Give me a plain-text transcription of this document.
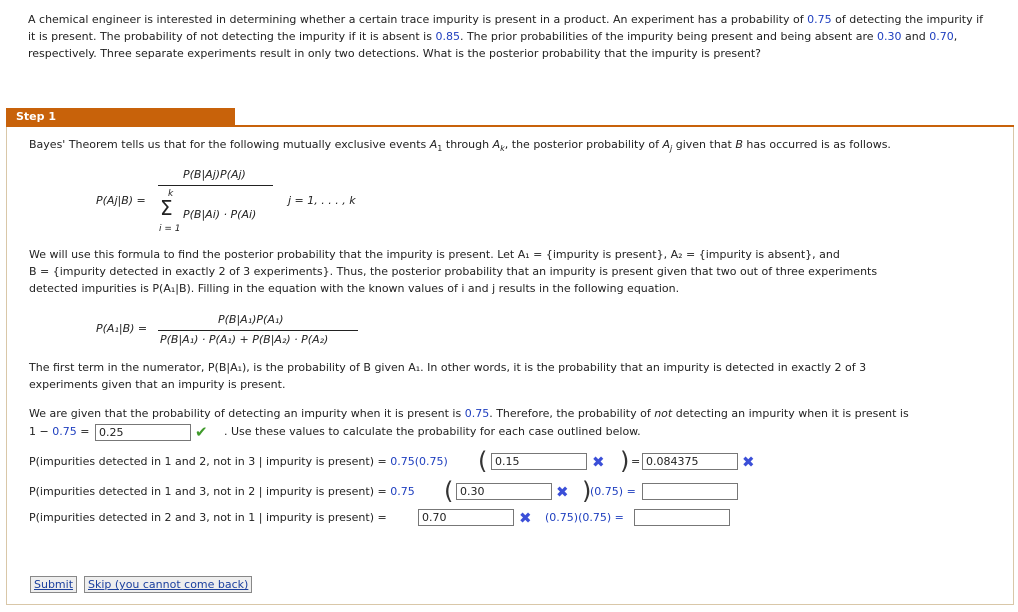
A chemical engineer is interested in determining whether a certain trace impurity is present in a product. An experiment has a probability of 0.75 of detecting the impurity if it is present. The probability of not detecting the impurity if it is absent is 0.85. The prior probabilities of the impurity being present and being absent are 0.30 and 0.70, respectively. Three separate experiments result in only two detections. What is the posterior probability that the impurity is present?
Step 1
Bayes' Theorem tells us that for the following mutually exclusive events $A_1$ through $A_k$, the posterior probability of $A_j$ given that B has occurred is as follows.
P(B|Aj)P(Aj)
P(Aj|B) = k
Σ P(B|Ai) · P(Ai)
i = 1
j = 1, . . . , k
We will use this formula to find the posterior probability that the impurity is present. Let A₁ = {impurity is present}, A₂ = {impurity is absent}, and
B = {impurity detected in exactly 2 of 3 experiments}. Thus, the posterior probability that an impurity is present given that two out of three experiments
detected impurities is P(A₁|B). Filling in the equation with the known values of i and j results in the following equation.
P(B|A₁)P(A₁)
P(A₁|B) =
P(B|A₁) · P(A₁) + P(B|A₂) · P(A₂)
The first term in the numerator, P(B|A₁), is the probability of B given A₁. In other words, it is the probability that an impurity is detected in exactly 2 of 3
experiments given that an impurity is present.
We are given that the probability of detecting an impurity when it is present is 0.75. Therefore, the probability of not detecting an impurity when it is present is
1 − 0.75 = 0.25	✔ . Use these values to calculate the probability for each case outlined below.
P(impurities detected in 1 and 2, not in 3 | impurity is present) = 0.75(0.75) ( 0.15	✖ ) = 0.084375	✖
P(impurities detected in 1 and 3, not in 2 | impurity is present) = 0.75 ( 0.30	✖ )
(0.75) =
P(impurities detected in 2 and 3, not in 1 | impurity is present) =	0.70	✖ (0.75)(0.75) =
Submit	Skip (you cannot come back)
